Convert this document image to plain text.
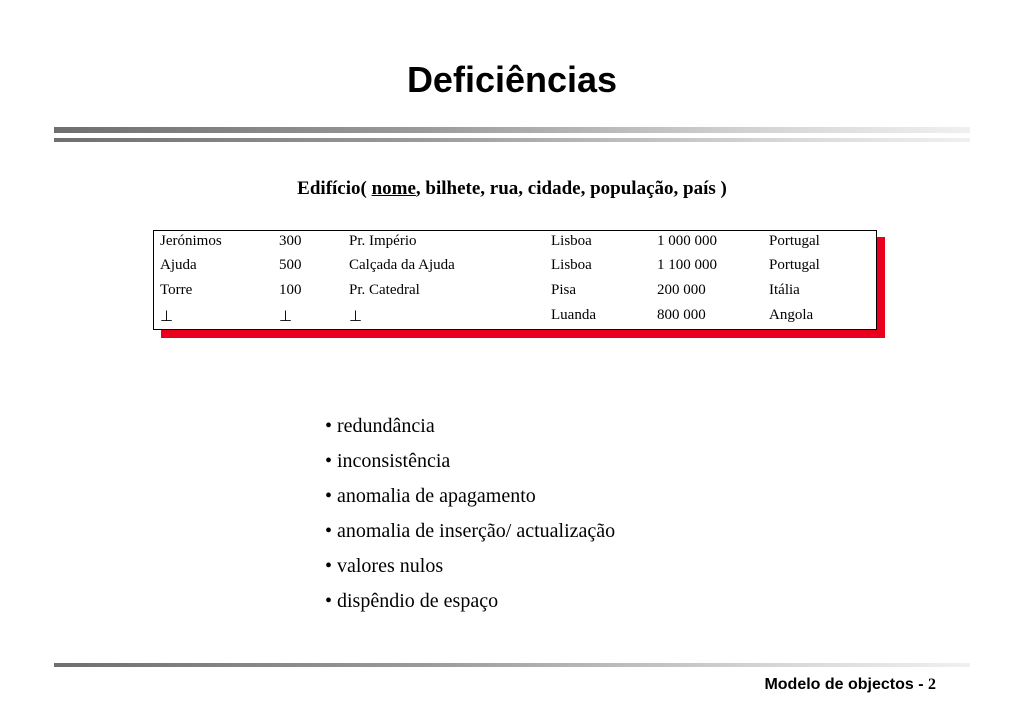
Deficiências
Edifício( nome, bilhete, rua, cidade, população, país )
Jerónimos	300	Pr. Império	Lisboa	1 000 000	Portugal
Ajuda	500	Calçada da Ajuda	Lisboa	1 100 000	Portugal
Torre	100	Pr. Catedral	Pisa	200 000	Itália
⊥	⊥	⊥	Luanda	800 000	Angola
• redundância
• inconsistência
• anomalia de apagamento
• anomalia de inserção/ actualização
• valores nulos
• dispêndio de espaço
Modelo de objectos - 2
